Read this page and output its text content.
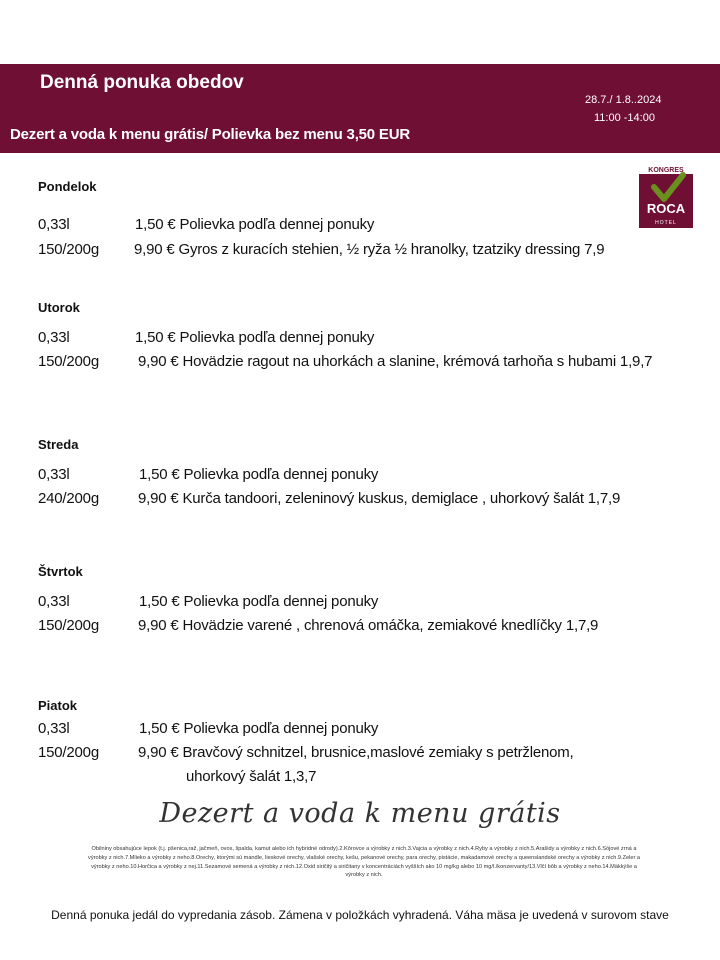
Denná ponuka obedov
Dezert a voda k menu grátis/ Polievka bez menu 3,50 EUR
28.7./ 1.8..2024
11:00 -14:00
KONGRES
ROCA
HOTEL
Pondelok
0,33l	1,50 € Polievka podľa dennej ponuky
150/200g 9,90 € Gyros z kuracích stehien, ½ ryža ½ hranolky, tzatziky dressing 7,9
Utorok
0,33l	1,50 € Polievka podľa dennej ponuky
150/200g	9,90 € Hovädzie ragout na uhorkách a slanine, krémová tarhoňa s hubami 1,9,7
Streda
0,33l	1,50 € Polievka podľa dennej ponuky
240/200g	9,90 € Kurča tandoori, zeleninový kuskus, demiglace , uhorkový šalát 1,7,9
Štvrtok
0,33l	1,50 € Polievka podľa dennej ponuky
150/200g	9,90 € Hovädzie varené , chrenová omáčka, zemiakové knedlíčky 1,7,9
Piatok
0,33l	1,50 € Polievka podľa dennej ponuky
150/200g	9,90 € Bravčový schnitzel, brusnice,maslové zemiaky s petržlenom,
uhorkový šalát 1,3,7
Dezert a voda k menu grátis
Obilniny obsahujúce lepok (t.j. pšenica,raž, jačmeň, ovos, špalda, kamut alebo ich hybridné odrody).2.Kôrovce a výrobky z nich.3.Vajcia a výrobky z nich.4.Ryby a výrobky z nich.5.Arašidy a výrobky z nich.6.Sójové zrná a výrobky z nich.7.Mlieko a výrobky z neho.8.Orechy, ktorými sú mandle, lieskové orechy, vlašské orechy, kešu, pekanové orechy, para orechy, pistácie, makadamové orechy a queenslandské orechy a výrobky z nich.9.Zeler a výrobky z neho.10.Horčica a výrobky z nej.11.Sezamové semená a výrobky z nich.12.Oxid siričitý a siričitany v koncentráciách vyšších ako 10 mg/kg alebo 10 mg/l./konzervanty/13.Vlčí bôb a výrobky z neho.14.Mäkkýše a výrobky z nich.
Denná ponuka jedál do vypredania zásob. Zámena v položkách vyhradená. Váha mäsa je uvedená v surovom stave
